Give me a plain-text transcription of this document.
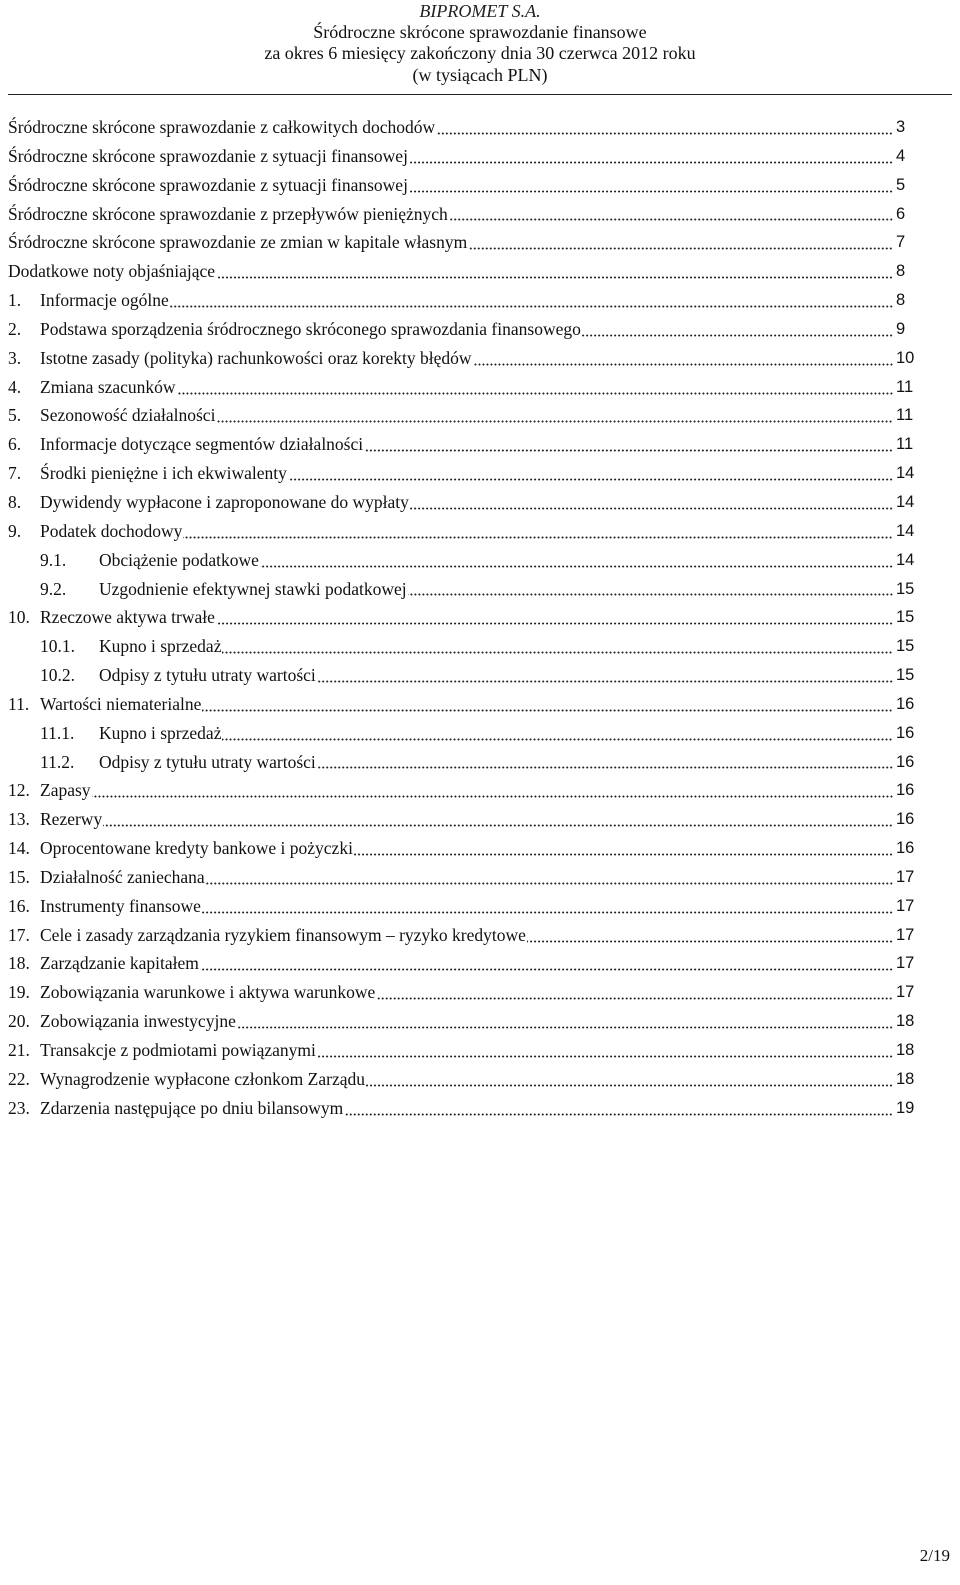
BIPROMET S.A.
Śródroczne skrócone sprawozdanie finansowe
za okres 6 miesięcy zakończony dnia 30 czerwca 2012 roku
(w tysiącach PLN)
Śródroczne skrócone sprawozdanie z całkowitych dochodów	3
Śródroczne skrócone sprawozdanie z sytuacji finansowej	4
Śródroczne skrócone sprawozdanie z sytuacji finansowej	5
Śródroczne skrócone sprawozdanie z przepływów pieniężnych	6
Śródroczne skrócone sprawozdanie ze zmian w kapitale własnym	7
Dodatkowe noty objaśniające	8
1.	Informacje ogólne	8
2.	Podstawa sporządzenia śródrocznego skróconego sprawozdania finansowego	9
3.	Istotne zasady (polityka) rachunkowości oraz korekty błędów	10
4.	Zmiana szacunków	11
5.	Sezonowość działalności	11
6.	Informacje dotyczące segmentów działalności	11
7.	Środki pieniężne i ich ekwiwalenty	14
8.	Dywidendy wypłacone i zaproponowane do wypłaty	14
9.	Podatek dochodowy	14
9.1.	Obciążenie podatkowe	14
9.2.	Uzgodnienie efektywnej stawki podatkowej	15
10. Rzeczowe aktywa trwałe	15
10.1.	Kupno i sprzedaż	15
10.2.	Odpisy z tytułu utraty wartości	15
11. Wartości niematerialne	16
11.1.	Kupno i sprzedaż	16
11.2.	Odpisy z tytułu utraty wartości	16
12. Zapasy	16
13. Rezerwy	16
14. Oprocentowane kredyty bankowe i pożyczki	16
15. Działalność zaniechana	17
16. Instrumenty finansowe	17
17. Cele i zasady zarządzania ryzykiem finansowym – ryzyko kredytowe	17
18. Zarządzanie kapitałem	17
19. Zobowiązania warunkowe i aktywa warunkowe	17
20. Zobowiązania inwestycyjne	18
21. Transakcje z podmiotami powiązanymi	18
22. Wynagrodzenie wypłacone członkom Zarządu	18
23. Zdarzenia następujące po dniu bilansowym	19
2/19
